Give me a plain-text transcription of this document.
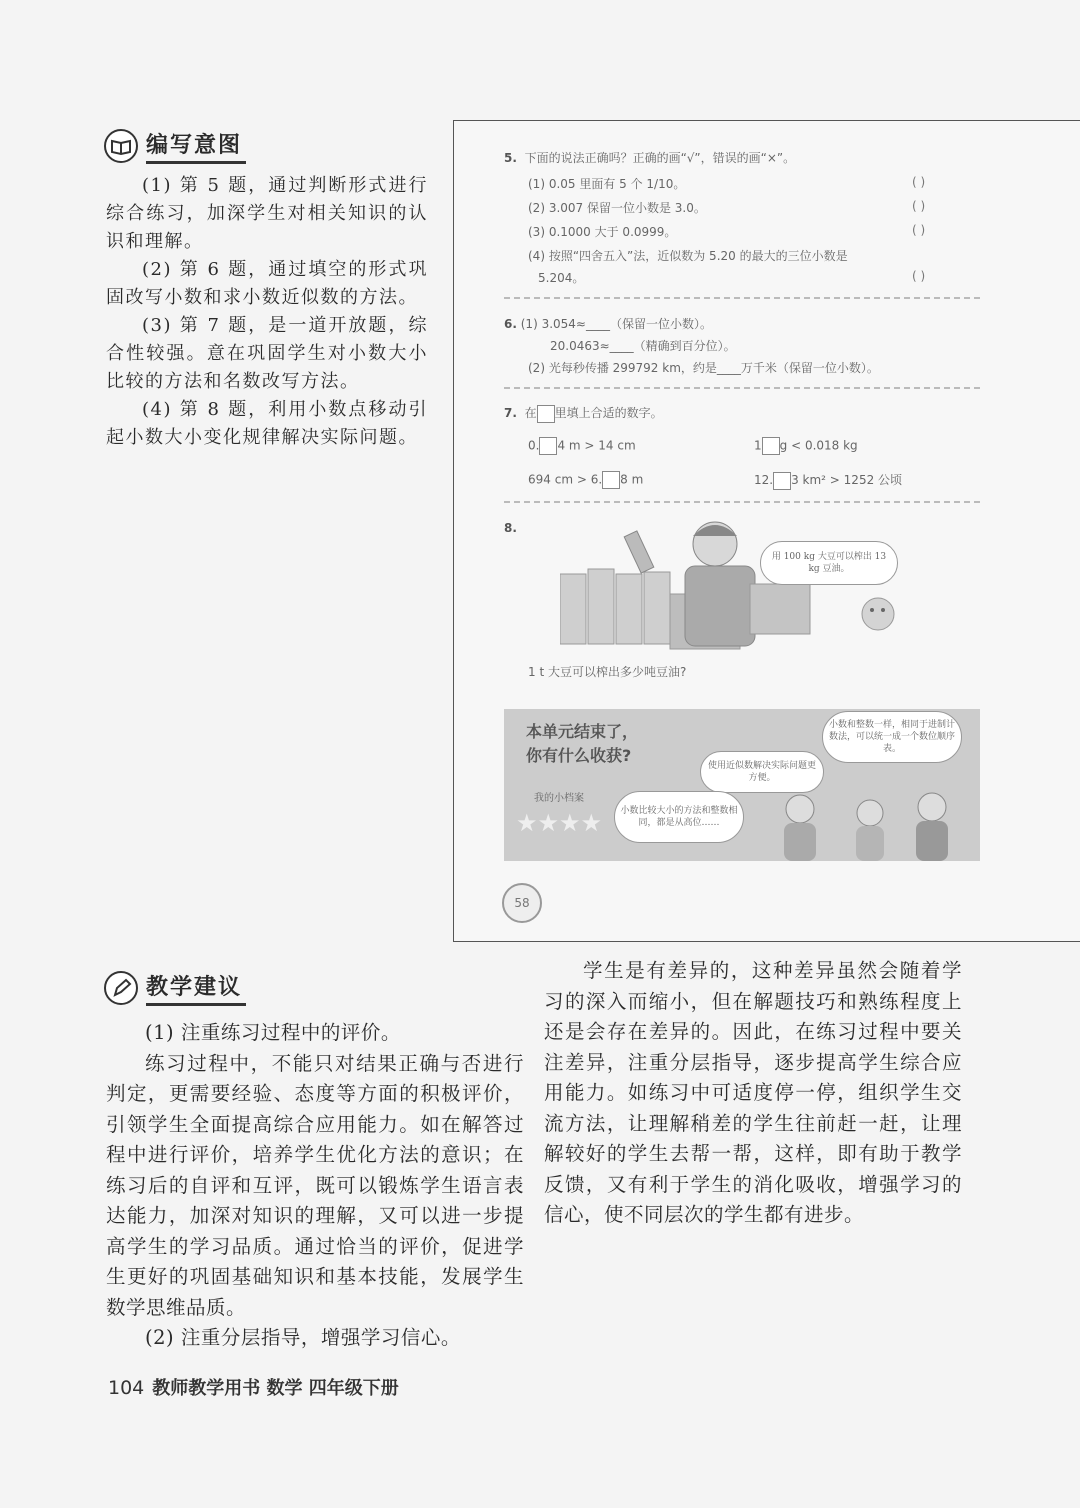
编写意图

(1) 第 5 题，通过判断形式进行综合练习，加深学生对相关知识的认识和理解。

(2) 第 6 题，通过填空的形式巩固改写小数和求小数近似数的方法。

(3) 第 7 题，是一道开放题，综合性较强。意在巩固学生对小数大小比较的方法和名数改写方法。

(4) 第 8 题，利用小数点移动引起小数大小变化规律解决实际问题。

5. 下面的说法正确吗？正确的画“√”，错误的画“×”。
(1) 0.05 里面有 5 个 1/10。	( )
(2) 3.007 保留一位小数是 3.0。	( )
(3) 0.1000 大于 0.0999。	( )
(4) 按照“四舍五入”法，近似数为 5.20 的最大的三位小数是
5.204。	( )
6. (1) 3.054≈____（保留一位小数）。
20.0463≈____（精确到百分位）。
(2) 光每秒传播 299792 km，约是____万千米（保留一位小数）。
7. 在 里填上合适的数字。
0. 4 m > 14 cm	1 g < 0.018 kg
694 cm > 6. 8 m	12. 3 km² > 1252 公顷
8.
用 100 kg 大豆可以榨出 13 kg 豆油。
1 t 大豆可以榨出多少吨豆油?
本单元结束了，
你有什么收获?
我的小档案
★★★★
小数和整数一样，相同于进制计数法，可以统一成一个数位顺序表。
使用近似数解决实际问题更方便。
小数比较大小的方法和整数相同，都是从高位……
58
教学建议

(1) 注重练习过程中的评价。

练习过程中，不能只对结果正确与否进行判定，更需要经验、态度等方面的积极评价，引领学生全面提高综合应用能力。如在解答过程中进行评价，培养学生优化方法的意识；在练习后的自评和互评，既可以锻炼学生语言表达能力，加深对知识的理解，又可以进一步提高学生的学习品质。通过恰当的评价，促进学生更好的巩固基础知识和基本技能，发展学生数学思维品质。

(2) 注重分层指导，增强学习信心。

学生是有差异的，这种差异虽然会随着学习的深入而缩小，但在解题技巧和熟练程度上还是会存在差异的。因此，在练习过程中要关注差异，注重分层指导，逐步提高学生综合应用能力。如练习中可适度停一停，组织学生交流方法，让理解稍差的学生往前赶一赶，让理解较好的学生去帮一帮，这样，即有助于教学反馈，又有利于学生的消化吸收，增强学习的信心，使不同层次的学生都有进步。

104 教师教学用书 数学 四年级下册
